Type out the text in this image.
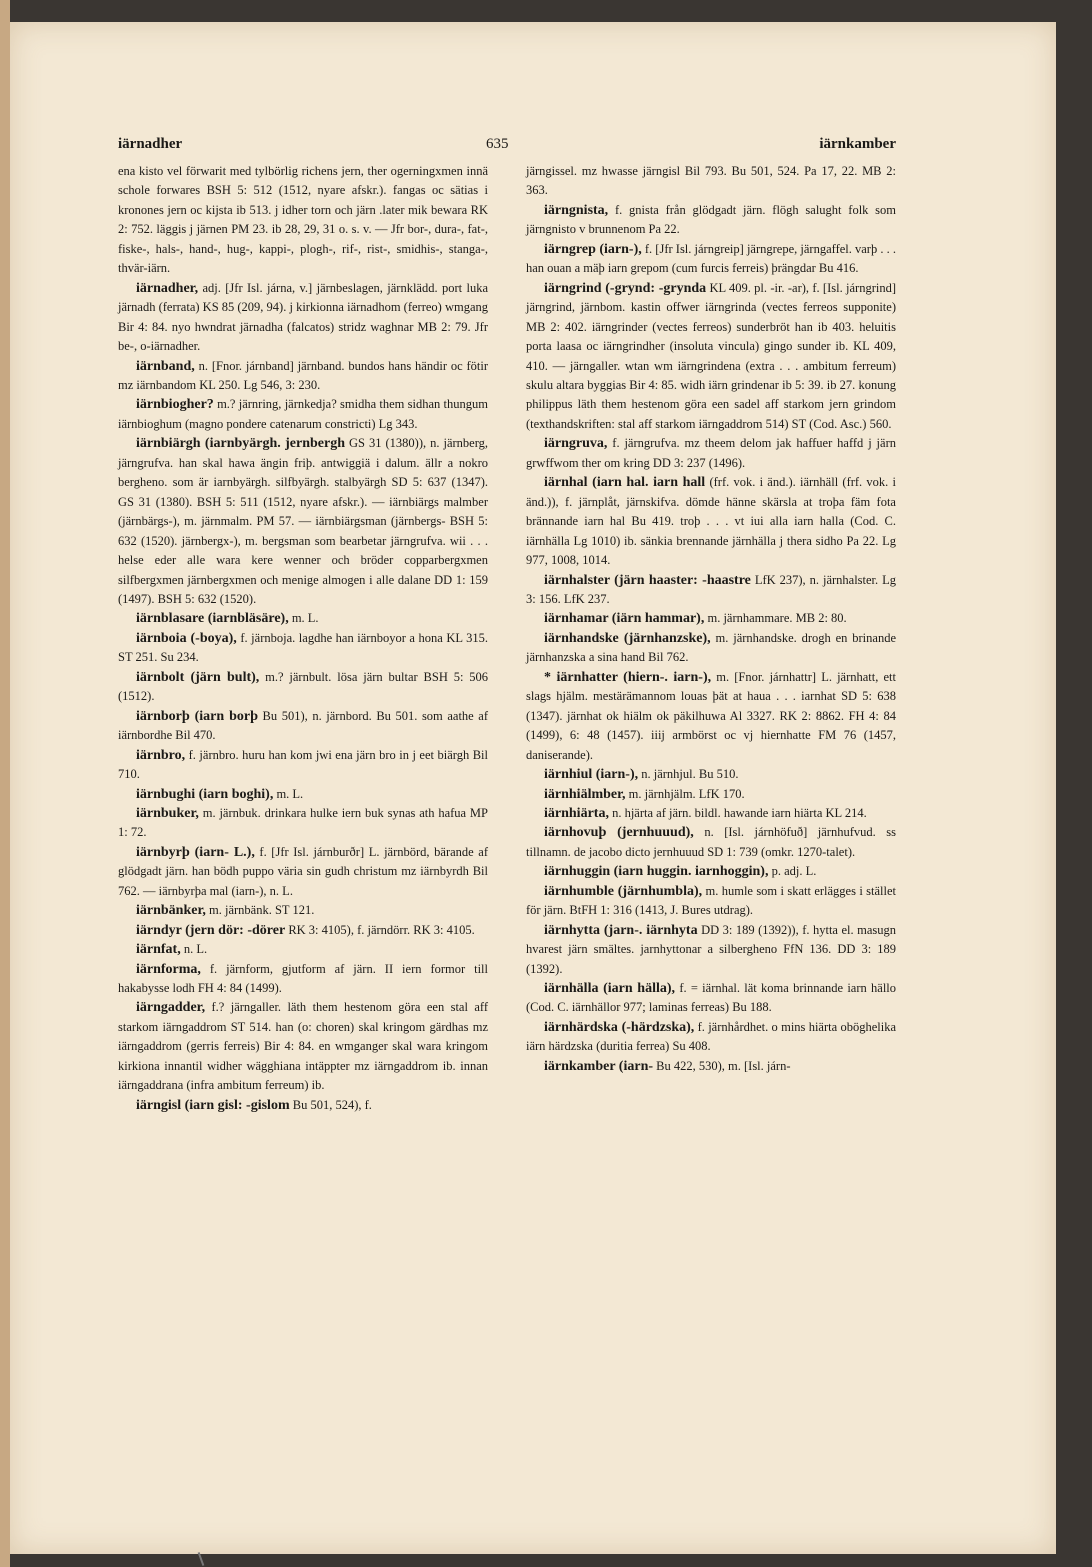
iärnadher	635	iärnkamber

ena kisto vel förwarit med tylbörlig richens jern, ther ogerningxmen innä schole forwares BSH 5: 512 (1512, nyare afskr.). fangas oc sätias i kronones jern oc kijsta ib 513. j idher torn och järn .later mik bewara RK 2: 752. läggis j järnen PM 23. ib 28, 29, 31 o. s. v. — Jfr bor-, dura-, fat-, fiske-, hals-, hand-, hug-, kappi-, plogh-, rif-, rist-, smidhis-, stanga-, thvär-iärn.

iärnadher, adj. [Jfr Isl. járna, v.] järnbeslagen, järnklädd. port luka järnadh (ferrata) KS 85 (209, 94). j kirkionna iärnadhom (ferreo) wmgang Bir 4: 84. nyo hwndrat järnadha (falcatos) stridz waghnar MB 2: 79. Jfr be-, o-iärnadher.

iärnband, n. [Fnor. járnband] järnband. bundos hans händir oc fötir mz iärnbandom KL 250. Lg 546, 3: 230.

iärnbiogher? m.? järnring, järnkedja? smidha them sidhan thungum iärnbioghum (magno pondere catenarum constricti) Lg 343.

iärnbiärgh (iarnbyärgh. jernbergh GS 31 (1380)), n. järnberg, järngrufva. han skal hawa ängin friþ. antwiggiä i dalum. ällr a nokro bergheno. som är iarnbyärgh. silfbyärgh. stalbyärgh SD 5: 637 (1347). GS 31 (1380). BSH 5: 511 (1512, nyare afskr.). — iärnbiärgs malmber (järnbärgs-), m. järnmalm. PM 57. — iärnbiärgsman (järnbergs- BSH 5: 632 (1520). järnbergx-), m. bergsman som bearbetar järngrufva. wii . . . helse eder alle wara kere wenner och bröder copparbergxmen silfbergxmen järnbergxmen och menige almogen i alle dalane DD 1: 159 (1497). BSH 5: 632 (1520).

iärnblasare (iarnbläsäre), m. L.

iärnboia (-boya), f. järnboja. lagdhe han iärnboyor a hona KL 315. ST 251. Su 234.

iärnbolt (järn bult), m.? järnbult. lösa järn bultar BSH 5: 506 (1512).

iärnborþ (iarn borþ Bu 501), n. järnbord. Bu 501. som aathe af iärnbordhe Bil 470.

iärnbro, f. järnbro. huru han kom jwi ena järn bro in j eet biärgh Bil 710.

iärnbughi (iarn boghi), m. L.

iärnbuker, m. järnbuk. drinkara hulke iern buk synas ath hafua MP 1: 72.

iärnbyrþ (iarn- L.), f. [Jfr Isl. járnburðr] L. järnbörd, bärande af glödgadt järn. han bödh puppo väria sin gudh christum mz iärnbyrdh Bil 762. — iärnbyrþa mal (iarn-), n. L.

iärnbänker, m. järnbänk. ST 121.

iärndyr (jern dör: -dörer RK 3: 4105), f. järndörr. RK 3: 4105.

iärnfat, n. L.

iärnforma, f. järnform, gjutform af järn. II iern formor till hakabysse lodh FH 4: 84 (1499).

iärngadder, f.? järngaller. läth them hestenom göra een stal aff starkom iärngaddrom ST 514. han (o: choren) skal kringom gärdhas mz iärngaddrom (gerris ferreis) Bir 4: 84. en wmganger skal wara kringom kirkiona innantil widher wägghiana intäppter mz iärngaddrom ib. innan iärngaddrana (infra ambitum ferreum) ib.

iärngisl (iarn gisl: -gislom Bu 501, 524), f.

järngissel. mz hwasse järngisl Bil 793. Bu 501, 524. Pa 17, 22. MB 2: 363.

iärngnista, f. gnista från glödgadt järn. flögh salught folk som järngnisto v brunnenom Pa 22.

iärngrep (iarn-), f. [Jfr Isl. járngreip] järngrepe, järngaffel. varþ . . . han ouan a mäþ iarn grepom (cum furcis ferreis) þrängdar Bu 416.

iärngrind (-grynd: -grynda KL 409. pl. -ir. -ar), f. [Isl. járngrind] järngrind, järnbom. kastin offwer iärngrinda (vectes ferreos supponite) MB 2: 402. iärngrinder (vectes ferreos) sunderbröt han ib 403. heluitis porta laasa oc iärngrindher (insoluta vincula) gingo sunder ib. KL 409, 410. — järngaller. wtan wm iärngrindena (extra . . . ambitum ferreum) skulu altara byggias Bir 4: 85. widh iärn grindenar ib 5: 39. ib 27. konung philippus läth them hestenom göra een sadel aff starkom jern grindom (texthandskriften: stal aff starkom iärngaddrom 514) ST (Cod. Asc.) 560.

iärngruva, f. järngrufva. mz theem delom jak haffuer haffd j järn grwffwom ther om kring DD 3: 237 (1496).

iärnhal (iarn hal. iarn hall (frf. vok. i änd.). iärnhäll (frf. vok. i änd.)), f. järnplåt, järnskifva. dömde hänne skärsla at troþa fäm fota brännande iarn hal Bu 419. troþ . . . vt iui alla iarn halla (Cod. C. iärnhälla Lg 1010) ib. sänkia brennande järnhälla j thera sidho Pa 22. Lg 977, 1008, 1014.

iärnhalster (järn haaster: -haastre LfK 237), n. järnhalster. Lg 3: 156. LfK 237.

iärnhamar (iärn hammar), m. järnhammare. MB 2: 80.

iärnhandske (järnhanzske), m. järnhandske. drogh en brinande järnhanzska a sina hand Bil 762.

* iärnhatter (hiern-. iarn-), m. [Fnor. járnhattr] L. järnhatt, ett slags hjälm. mestärämannom louas þät at haua . . . iarnhat SD 5: 638 (1347). järnhat ok hiälm ok päkilhuwa Al 3327. RK 2: 8862. FH 4: 84 (1499), 6: 48 (1457). iiij armbörst oc vj hiernhatte FM 76 (1457, daniserande).

iärnhiul (iarn-), n. järnhjul. Bu 510.

iärnhiälmber, m. järnhjälm. LfK 170.

iärnhiärta, n. hjärta af järn. bildl. hawande iarn hiärta KL 214.

iärnhovuþ (jernhuuud), n. [Isl. járnhöfuð] järnhufvud. ss tillnamn. de jacobo dicto jernhuuud SD 1: 739 (omkr. 1270-talet).

iärnhuggin (iarn huggin. iarnhoggin), p. adj. L.

iärnhumble (järnhumbla), m. humle som i skatt erlägges i stället för järn. BtFH 1: 316 (1413, J. Bures utdrag).

iärnhytta (jarn-. iärnhyta DD 3: 189 (1392)), f. hytta el. masugn hvarest järn smältes. jarnhyttonar a silbergheno FfN 136. DD 3: 189 (1392).

iärnhälla (iarn hälla), f. = iärnhal. lät koma brinnande iarn hällo (Cod. C. iärnhällor 977; laminas ferreas) Bu 188.

iärnhärdska (-härdzska), f. järnhårdhet. o mins hiärta oböghelika iärn härdzska (duritia ferrea) Su 408.

iärnkamber (iarn- Bu 422, 530), m. [Isl. járn-
